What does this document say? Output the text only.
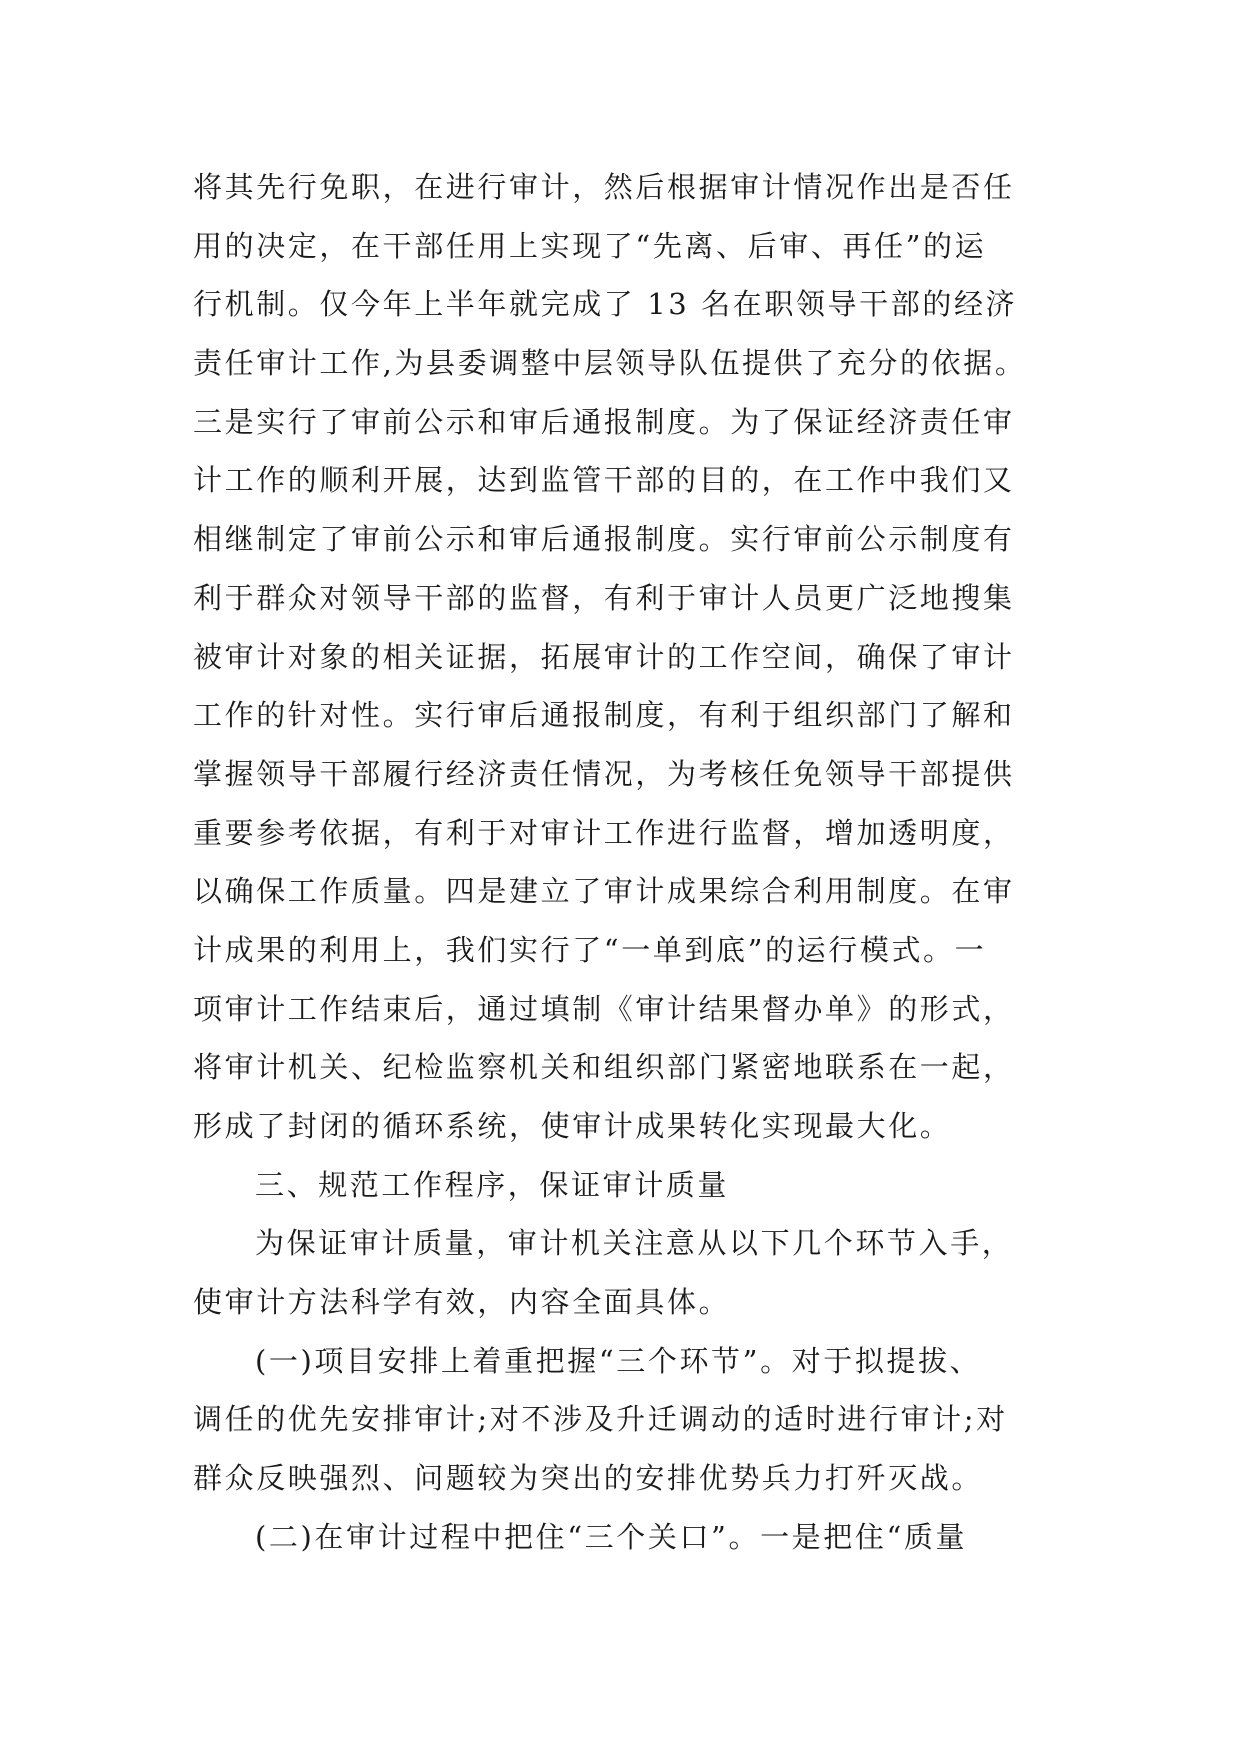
将其先行免职，在进行审计，然后根据审计情况作出是否任
用的决定，在干部任用上实现了“先离、后审、再任”的运
行机制。仅今年上半年就完成了 13 名在职领导干部的经济
责任审计工作,为县委调整中层领导队伍提供了充分的依据。
三是实行了审前公示和审后通报制度。为了保证经济责任审
计工作的顺利开展，达到监管干部的目的，在工作中我们又
相继制定了审前公示和审后通报制度。实行审前公示制度有
利于群众对领导干部的监督，有利于审计人员更广泛地搜集
被审计对象的相关证据，拓展审计的工作空间，确保了审计
工作的针对性。实行审后通报制度，有利于组织部门了解和
掌握领导干部履行经济责任情况，为考核任免领导干部提供
重要参考依据，有利于对审计工作进行监督，增加透明度，
以确保工作质量。四是建立了审计成果综合利用制度。在审
计成果的利用上，我们实行了“一单到底”的运行模式。一
项审计工作结束后，通过填制《审计结果督办单》的形式，
将审计机关、纪检监察机关和组织部门紧密地联系在一起，
形成了封闭的循环系统，使审计成果转化实现最大化。
三、规范工作程序，保证审计质量
为保证审计质量，审计机关注意从以下几个环节入手，
使审计方法科学有效，内容全面具体。
(一)项目安排上着重把握“三个环节”。对于拟提拔、
调任的优先安排审计;对不涉及升迁调动的适时进行审计;对
群众反映强烈、问题较为突出的安排优势兵力打歼灭战。
(二)在审计过程中把住“三个关口”。一是把住“质量
